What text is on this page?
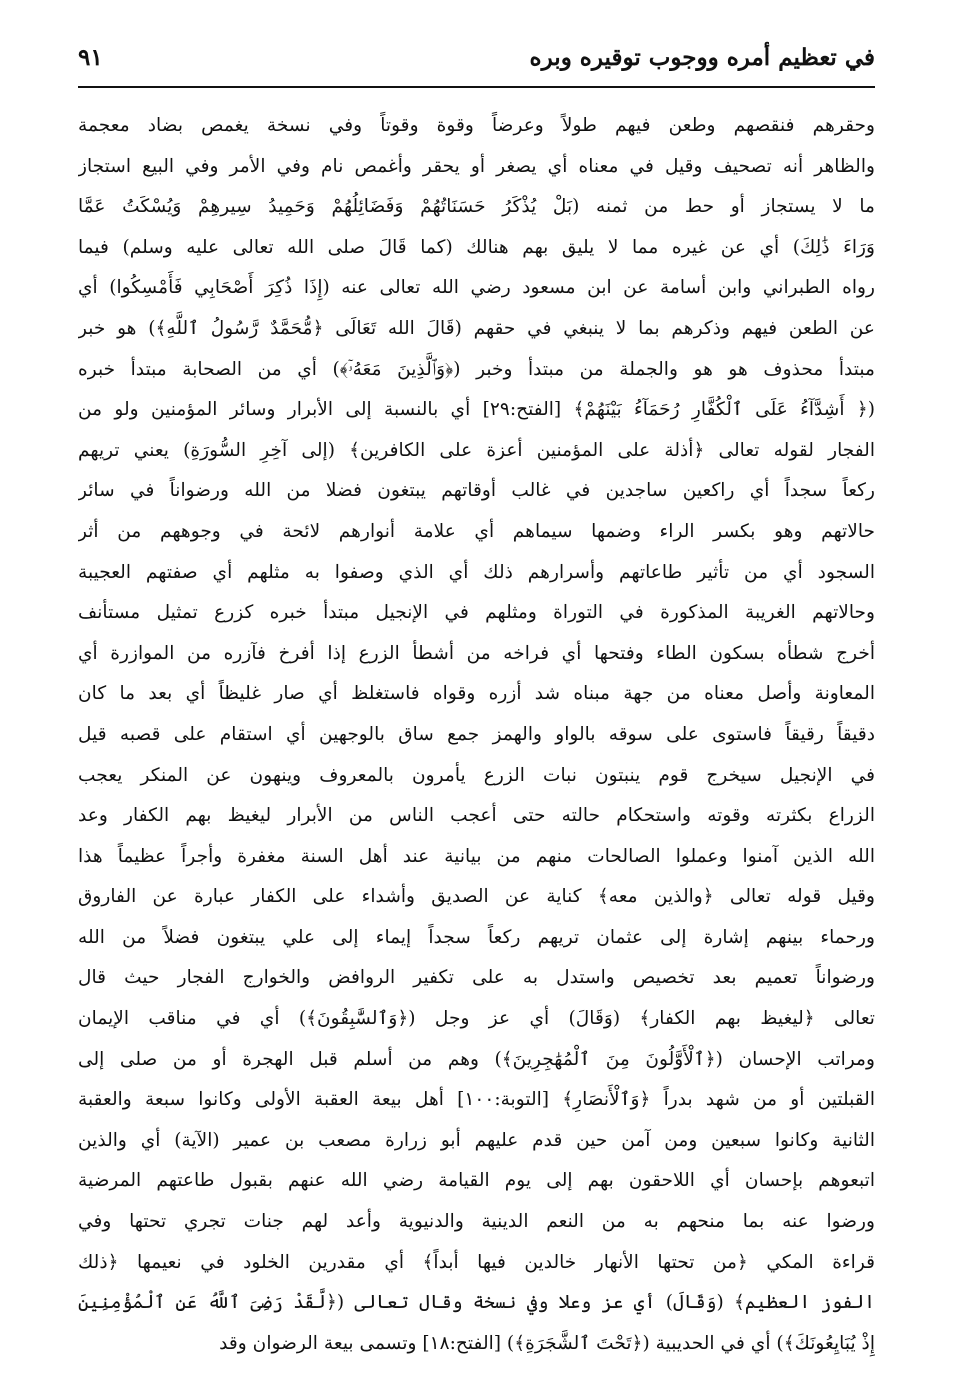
في تعظيم أمره ووجوب توقيره وبره
٩١
وحقرهم فنقصهم وطعن فيهم طولاً وعرضاً وقوة وقوتاً وفي نسخة يغمص بضاد معجمة
والظاهر أنه تصحيف وقيل في معناه أي يصغر أو يحقر وأغمص نام وفي الأمر وفي البيع استجاز
ما لا يستجاز أو حط من ثمنه (بَلْ يُذْكَرُ حَسَنَاتُهُمْ وَفَضَائِلُهُمْ وَحَمِيدُ سِيرهِمْ وَيُسْكَتُ عَمَّا
وَرَاءَ ذَٰلِكَ) أي عن غيره مما لا يليق بهم هنالك (كما قَالَ صلى الله تعالى عليه وسلم) فيما
رواه الطبراني وابن أسامة عن ابن مسعود رضي الله تعالى عنه (إِذَا ذُكِرَ أَصْحَابِي فَأَمْسِكُوا) أي
عن الطعن فيهم وذكرهم بما لا ينبغي في حقهم (قَالَ الله تَعَالَى ﴿مُّحَمَّدٌ رَّسُولُ ٱللَّهِ﴾) هو خبر
مبتدأ محذوف هو هو والجملة من مبتدأ وخبر (﴿وَٱلَّذِينَ مَعَهُۥٓ﴾) أي من الصحابة مبتدأ خبره
(﴿ أَشِدَّآءُ عَلَى ٱلْكُفَّارِ رُحَمَآءُ بَيْنَهُمْ﴾ [الفتح:٢٩] أي بالنسبة إلى الأبرار وسائر المؤمنين ولو من
الفجار لقوله تعالى ﴿أذلة على المؤمنين أعزة على الكافرين﴾ (إلى آخِرِ السُّورَةِ) يعني تريهم
ركعاً سجداً أي راكعين ساجدين في غالب أوقاتهم يبتغون فضلا من الله ورضواناً في سائر
حالاتهم وهو بكسر الراء وضمها سيماهم أي علامة أنوارهم لائحة في وجوههم من أثر
السجود أي من تأثير طاعاتهم وأسرارهم ذلك أي الذي وصفوا به مثلهم أي صفتهم العجيبة
وحالاتهم الغريبة المذكورة في التوراة ومثلهم في الإنجيل مبتدأ خبره كزرع تمثيل مستأنف
أخرج شطأه بسكون الطاء وفتحها أي فراخه من أشطأ الزرع إذا أفرخ فآزره من الموازرة أي
المعاونة وأصل معناه من جهة مبناه شد أزره وقواه فاستغلظ أي صار غليظاً أي بعد ما كان
دقيقاً رقيقاً فاستوى على سوقه بالواو والهمز جمع ساق بالوجهين أي استقام على قصبه قيل
في الإنجيل سيخرج قوم ينبتون نبات الزرع يأمرون بالمعروف وينهون عن المنكر يعجب
الزراع بكثرته وقوته واستحكام حالته حتى أعجب الناس من الأبرار ليغيظ بهم الكفار وعد
الله الذين آمنوا وعملوا الصالحات منهم من بيانية عند أهل السنة مغفرة وأجراً عظيماً هذا
وقيل قوله تعالى ﴿والذين معه﴾ كناية عن الصديق وأشداء على الكفار عبارة عن الفاروق
ورحماء بينهم إشارة إلى عثمان تريهم ركعاً سجداً إيماء إلى علي يبتغون فضلاً من الله
ورضواناً تعميم بعد تخصيص واستدل به على تكفير الروافض والخوارج الفجار حيث قال
تعالى ﴿ليغيظ بهم الكفار﴾ (وَقَالَ) أي عز وجل (﴿وَٱلسَّٰبِقُونَ﴾) أي في مناقب الإيمان
ومراتب الإحسان (﴿ٱلْأَوَّلُونَ مِنَ ٱلْمُهَٰجِرِينَ﴾) وهم من أسلم قبل الهجرة أو من صلى إلى
القبلتين أو من شهد بدراً ﴿وَٱلْأَنصَارِ﴾ [التوبة:١٠٠] أهل بيعة العقبة الأولى وكانوا سبعة والعقبة
الثانية وكانوا سبعين ومن آمن حين قدم عليهم أبو زرارة مصعب بن عمير (الآية) أي والذين
اتبعوهم بإحسان أي اللاحقون بهم إلى يوم القيامة رضي الله عنهم بقبول طاعتهم المرضية
ورضوا عنه بما منحهم به من النعم الدينية والدنيوية وأعد لهم جنات تجري تحتها وفي
قراءة المكي ﴿من تحتها الأنهار خالدين فيها أبداً﴾ أي مقدرين الخلود في نعيمها ﴿ذلك
الفوز العظيم﴾ (وَقَالَ) أي عز وعلا وفي نسخة وقال تعالى (﴿لَّقَدْ رَضِىَ ٱللَّهُ عَنِ ٱلْمُؤْمِنِينَ
إِذْ يُبَايِعُونَكَ﴾) أي في الحديبية (﴿تَحْتَ ٱلشَّجَرَةِ﴾) [الفتح:١٨] وتسمى بيعة الرضوان وقد
